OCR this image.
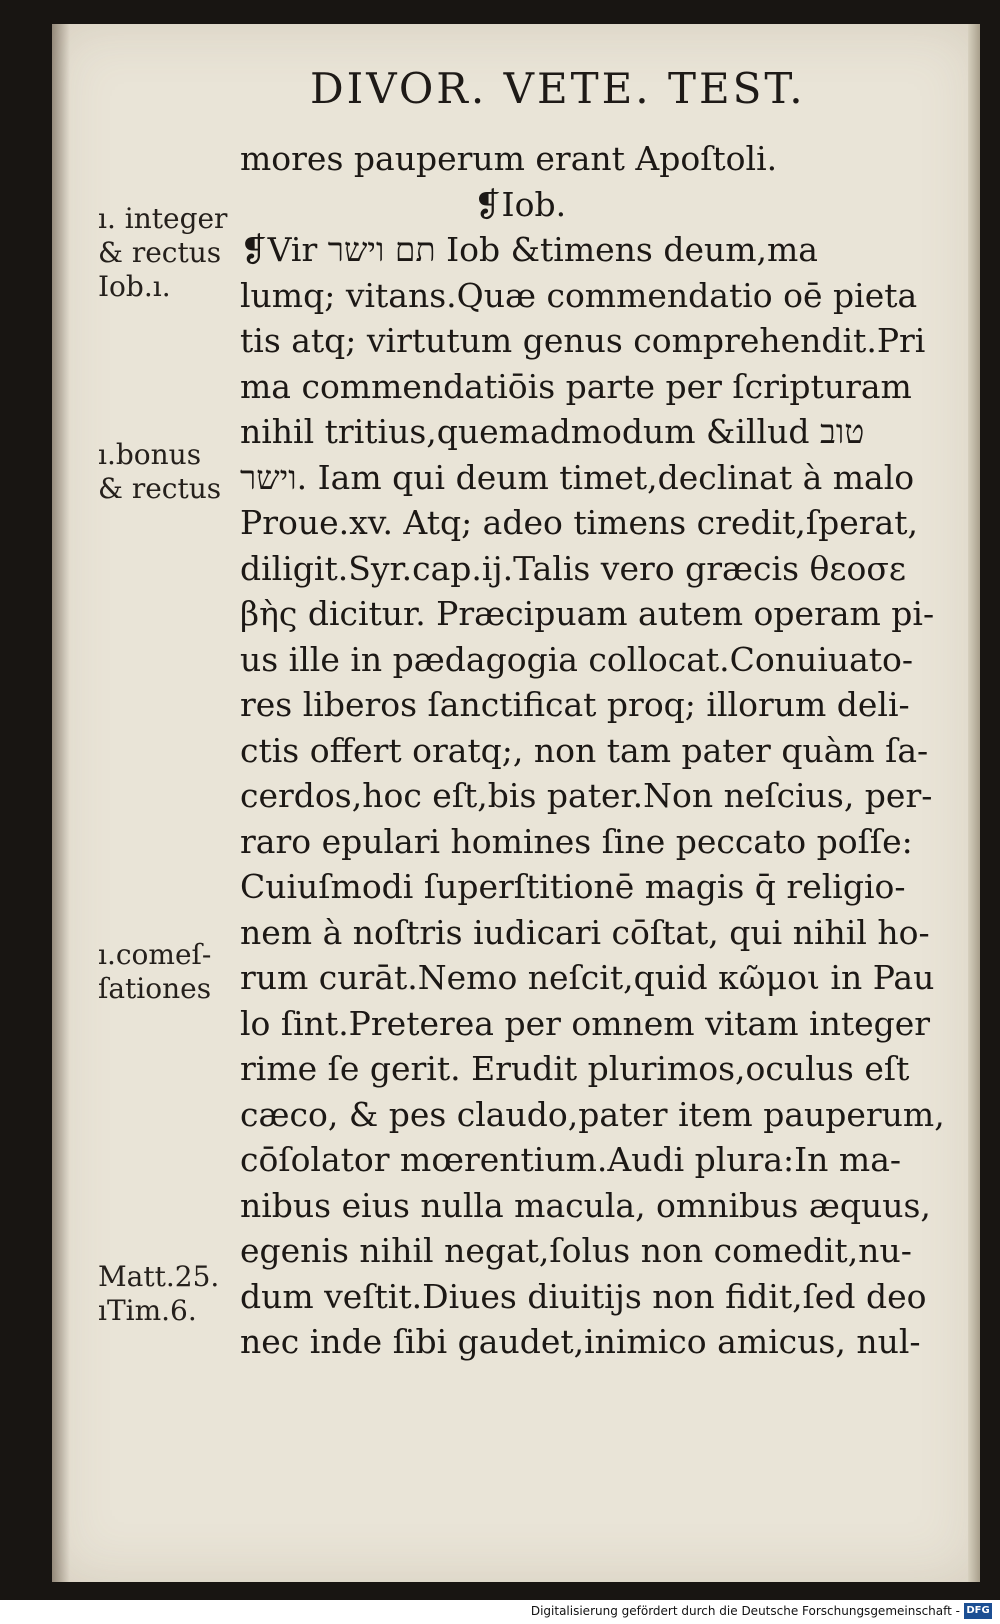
DIVOR. VETE. TEST.
mores pauperum erant Apoſtoli.
❡Iob.
❡Vir תם וישר Iob &timens deum,ma
lumq; vitans.Quæ commendatio oē pieta
tis atq; virtutum genus comprehendit.Pri
ma commendatiōis parte per ſcripturam
nihil tritius,quemadmodum &illud טוב
וישר. Iam qui deum timet,declinat à malo
Proue.xv. Atq; adeo timens credit,ſperat,
diligit.Syr.cap.ij.Talis vero græcis θεοσε
βὴς dicitur. Præcipuam autem operam pi-
us ille in pædagogia collocat.Conuiuato-
res liberos ſanctificat proq; illorum deli-
ctis offert oratq;, non tam pater quàm ſa-
cerdos,hoc eſt,bis pater.Non neſcius, per-
raro epulari homines ſine peccato poſſe:
Cuiuſmodi ſuperſtitionē magis q̄ religio-
nem à noſtris iudicari cōſtat, qui nihil ho-
rum curāt.Nemo neſcit,quid κῶμοι in Pau
lo ſint.Preterea per omnem vitam integer
rime ſe gerit. Erudit plurimos,oculus eſt
cæco, & pes claudo,pater item pauperum,
cōſolator mœrentium.Audi plura:In ma-
nibus eius nulla macula, omnibus æquus,
egenis nihil negat,ſolus non comedit,nu-
dum veſtit.Diues diuitijs non fidit,ſed deo
nec inde ſibi gaudet,inimico amicus, nul-
ı. integer
& rectus
Iob.ı.
ı.bonus
& rectus
ı.comeſ-
ſationes
Matt.25.
ıTim.6.
Digitalisierung gefördert durch die Deutsche Forschungsgemeinschaft - DFG
